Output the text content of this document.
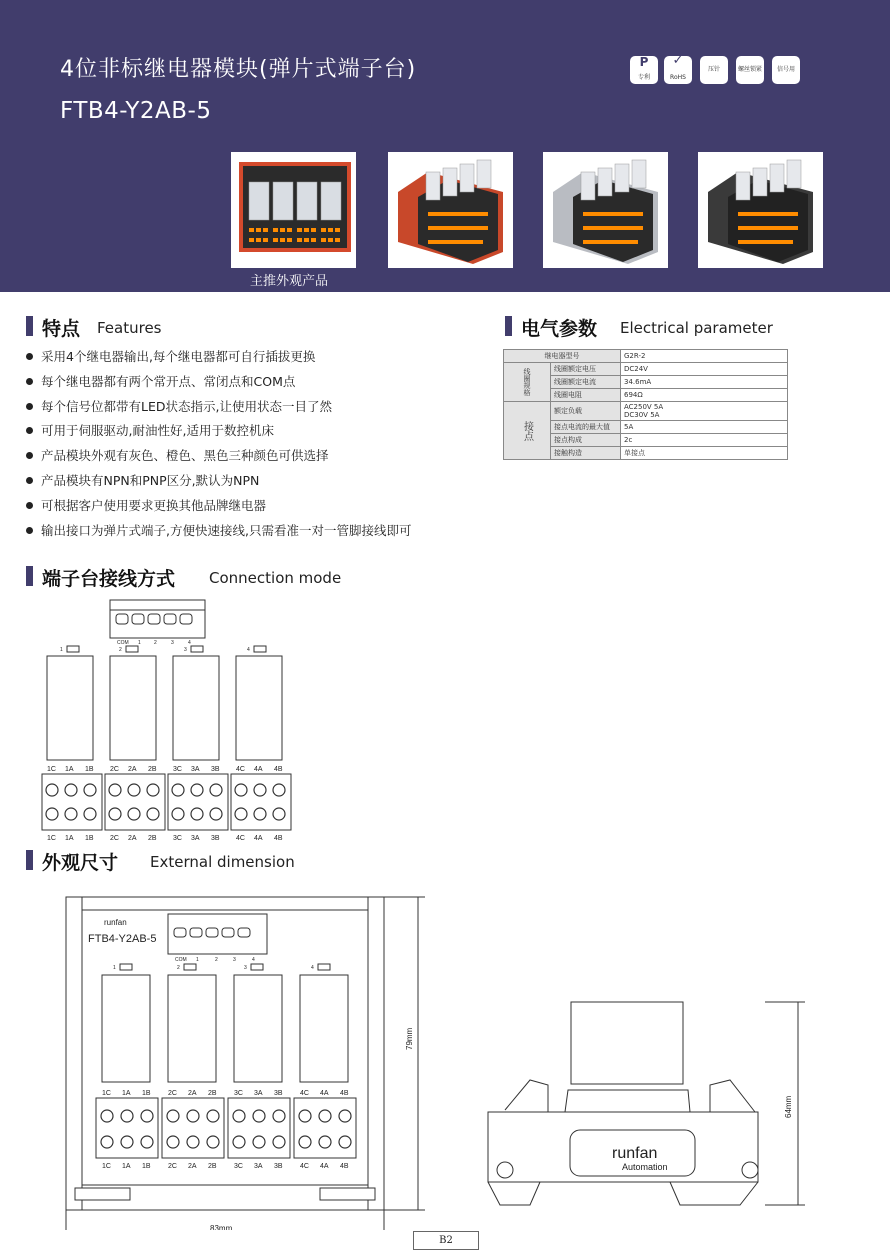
4位非标继电器模块(弹片式端子台)
FTB4-Y2AB-5
专利
P
RoHS
✓
压针	螺丝锁紧	信号用
主推外观产品
特点 Features
采用4个继电器输出,每个继电器都可自行插拔更换
每个继电器都有两个常开点、常闭点和COM点
每个信号位都带有LED状态指示,让使用状态一目了然
可用于伺服驱动,耐油性好,适用于数控机床
产品模块外观有灰色、橙色、黑色三种颜色可供选择
产品模块有NPN和PNP区分,默认为NPN
可根据客户使用要求更换其他品牌继电器
输出接口为弹片式端子,方便快速接线,只需看准一对一管脚接线即可
电气参数 Electrical parameter
继电器型号		G2R-2
线圈规格	线圈额定电压	DC24V
	线圈额定电流	34.6mA
	线圈电阻	694Ω
接点	额定负载	AC250V 5A
DC30V 5A

	接点电流的最大值	5A
	接点构成	2c
	接触构造	单接点
端子台接线方式 Connection mode
COM 1	2	3	4
1	2	3	4
1C 1A 1B 2C 2A 2B 3C 3A 3B 4C 4A 4B
1C 1A 1B 2C 2A 2B 3C 3A 3B 4C 4A 4B
外观尺寸 External dimension
runfan
FTB4-Y2AB-5
COM 1	2	3	4
1	2	3	4
1C 1A 1B 2C 2A 2B 3C 3A 3B 4C 4A 4B
1C 1A 1B 2C 2A 2B 3C 3A 3B 4C 4A 4B
79mm
83mm
runfan
Automation
64mm
B2
